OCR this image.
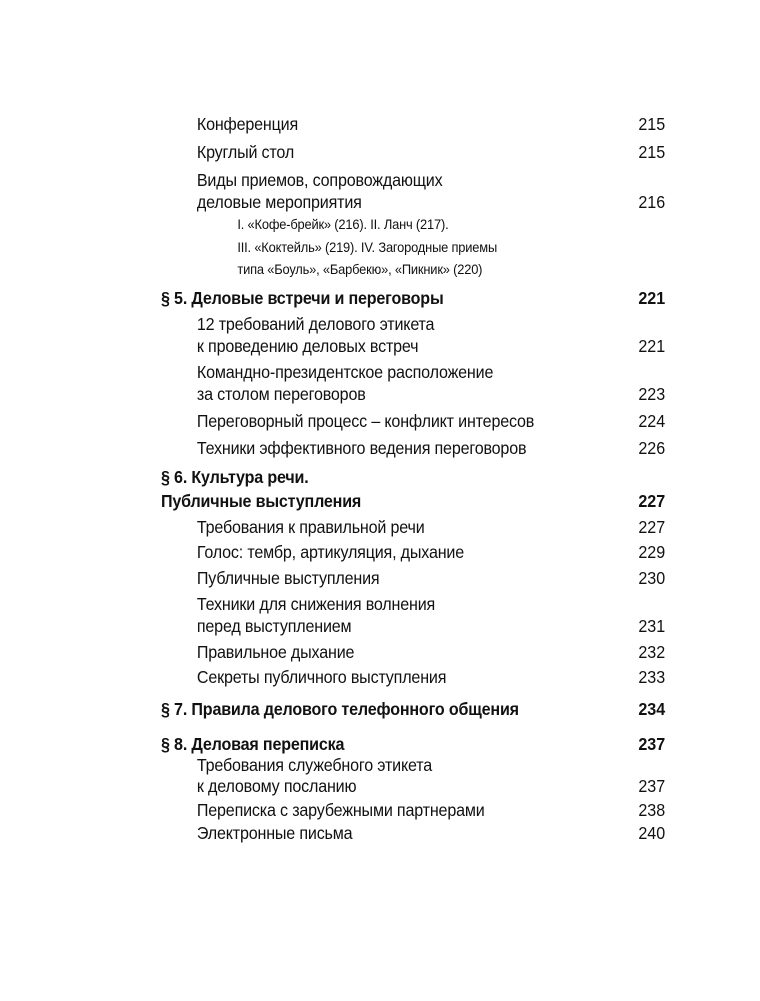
Конференция	215
Круглый стол	215
Виды приемов, сопровождающих
деловые мероприятия	216
I. «Кофе-брейк» (216). II. Ланч (217).
III. «Коктейль» (219). IV. Загородные приемы
типа «Боуль», «Барбекю», «Пикник» (220)
§ 5. Деловые встречи и переговоры	221
12 требований делового этикета
к проведению деловых встреч	221
Командно-президентское расположение
за столом переговоров	223
Переговорный процесс – конфликт интересов	224
Техники эффективного ведения переговоров	226
§ 6. Культура речи.
Публичные выступления	227
Требования к правильной речи	227
Голос: тембр, артикуляция, дыхание	229
Публичные выступления	230
Техники для снижения волнения
перед выступлением	231
Правильное дыхание	232
Секреты публичного выступления	233
§ 7. Правила делового телефонного общения	234
§ 8. Деловая переписка	237
Требования служебного этикета
к деловому посланию	237
Переписка с зарубежными партнерами	238
Электронные письма	240
